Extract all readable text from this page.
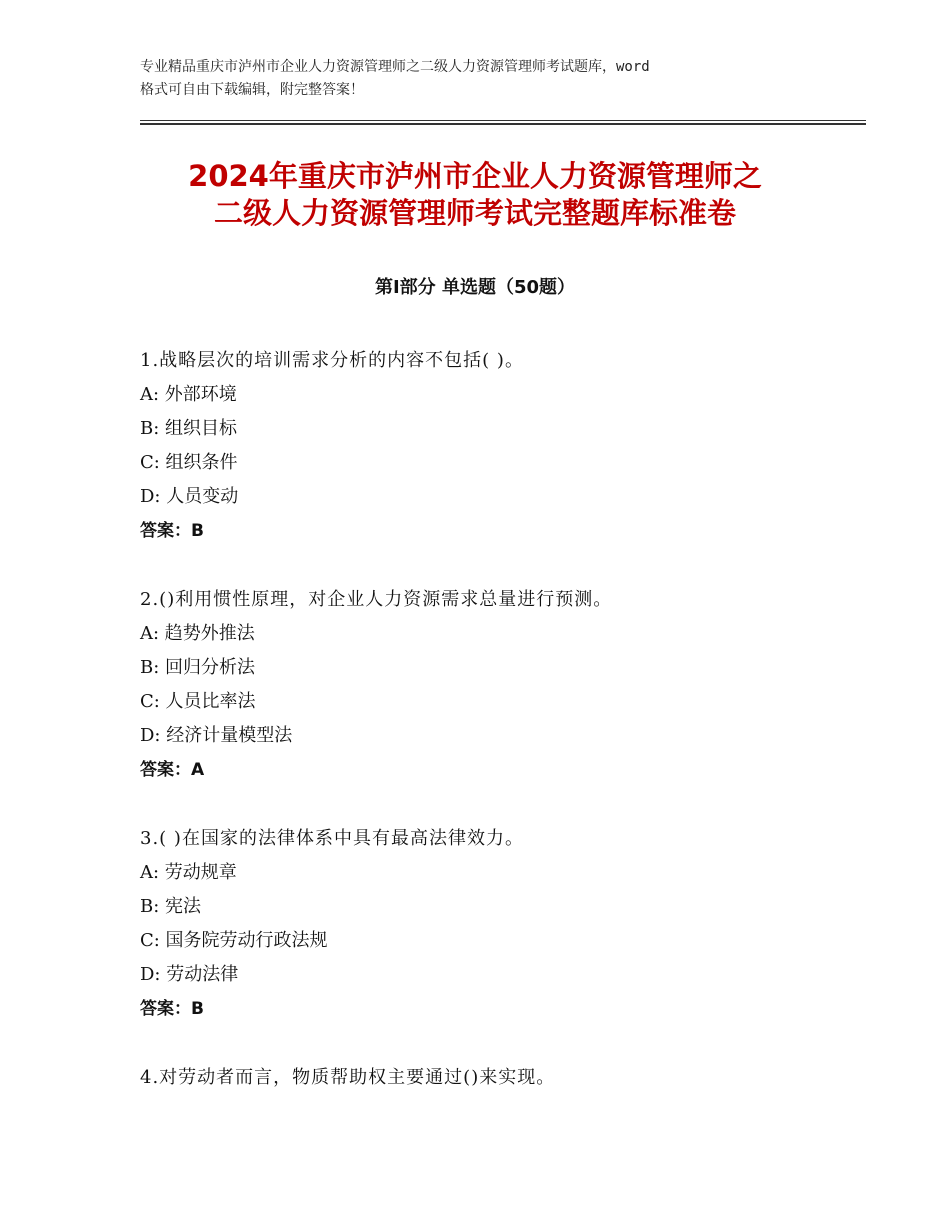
专业精品重庆市泸州市企业人力资源管理师之二级人力资源管理师考试题库，word
格式可自由下载编辑，附完整答案！
2024年重庆市泸州市企业人力资源管理师之
二级人力资源管理师考试完整题库标准卷
第Ⅰ部分 单选题（50题）
1.战略层次的培训需求分析的内容不包括( )。
A: 外部环境
B: 组织目标
C: 组织条件
D: 人员变动
答案：B
2.()利用惯性原理，对企业人力资源需求总量进行预测。
A: 趋势外推法
B: 回归分析法
C: 人员比率法
D: 经济计量模型法
答案：A
3.( )在国家的法律体系中具有最高法律效力。
A: 劳动规章
B: 宪法
C: 国务院劳动行政法规
D: 劳动法律
答案：B
4.对劳动者而言，物质帮助权主要通过()来实现。
